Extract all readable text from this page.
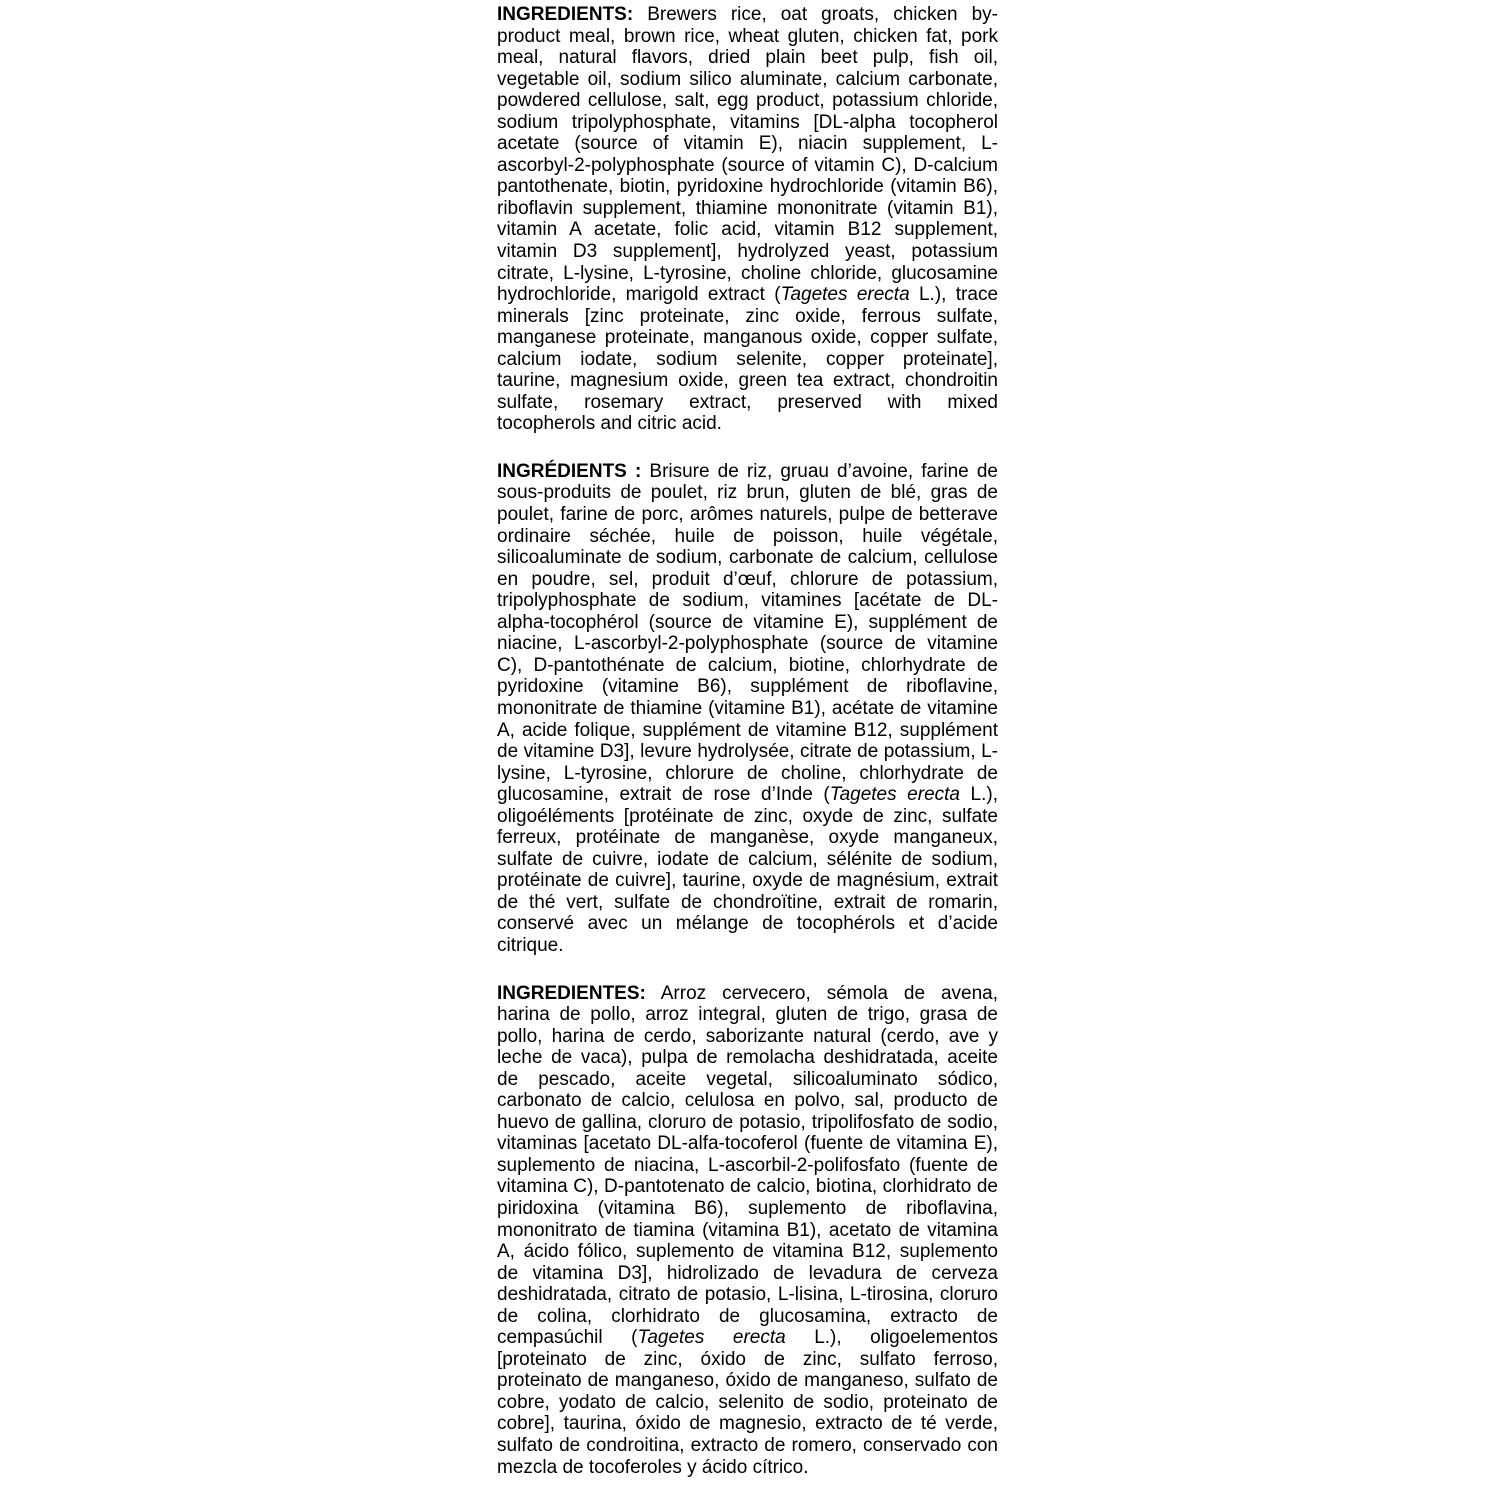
INGREDIENTS: Brewers rice, oat groats, chicken by-product meal, brown rice, wheat gluten, chicken fat, pork meal, natural flavors, dried plain beet pulp, fish oil, vegetable oil, sodium silico aluminate, calcium carbonate, powdered cellulose, salt, egg product, potassium chloride, sodium tripolyphosphate, vitamins [DL-alpha tocopherol acetate (source of vitamin E), niacin supplement, L-ascorbyl-2-polyphosphate (source of vitamin C), D-calcium pantothenate, biotin, pyridoxine hydrochloride (vitamin B6), riboflavin supplement, thiamine mononitrate (vitamin B1), vitamin A acetate, folic acid, vitamin B12 supplement, vitamin D3 supplement], hydrolyzed yeast, potassium citrate, L-lysine, L-tyrosine, choline chloride, glucosamine hydrochloride, marigold extract (Tagetes erecta L.), trace minerals [zinc proteinate, zinc oxide, ferrous sulfate, manganese proteinate, manganous oxide, copper sulfate, calcium iodate, sodium selenite, copper proteinate], taurine, magnesium oxide, green tea extract, chondroitin sulfate, rosemary extract, preserved with mixed tocopherols and citric acid.

INGRÉDIENTS : Brisure de riz, gruau d’avoine, farine de sous-produits de poulet, riz brun, gluten de blé, gras de poulet, farine de porc, arômes naturels, pulpe de betterave ordinaire séchée, huile de poisson, huile végétale, silicoaluminate de sodium, carbonate de calcium, cellulose en poudre, sel, produit d’œuf, chlorure de potassium, tripolyphosphate de sodium, vitamines [acétate de DL-alpha-tocophérol (source de vitamine E), supplément de niacine, L-ascorbyl-2-polyphosphate (source de vitamine C), D-pantothénate de calcium, biotine, chlorhydrate de pyridoxine (vitamine B6), supplément de riboflavine, mononitrate de thiamine (vitamine B1), acétate de vitamine A, acide folique, supplément de vitamine B12, supplément de vitamine D3], levure hydrolysée, citrate de potassium, L-lysine, L-tyrosine, chlorure de choline, chlorhydrate de glucosamine, extrait de rose d’Inde (Tagetes erecta L.), oligoéléments [protéinate de zinc, oxyde de zinc, sulfate ferreux, protéinate de manganèse, oxyde manganeux, sulfate de cuivre, iodate de calcium, sélénite de sodium, protéinate de cuivre], taurine, oxyde de magnésium, extrait de thé vert, sulfate de chondroïtine, extrait de romarin, conservé avec un mélange de tocophérols et d’acide citrique.

INGREDIENTES: Arroz cervecero, sémola de avena, harina de pollo, arroz integral, gluten de trigo, grasa de pollo, harina de cerdo, saborizante natural (cerdo, ave y leche de vaca), pulpa de remolacha deshidratada, aceite de pescado, aceite vegetal, silicoaluminato sódico, carbonato de calcio, celulosa en polvo, sal, producto de huevo de gallina, cloruro de potasio, tripolifosfato de sodio, vitaminas [acetato DL-alfa-tocoferol (fuente de vitamina E), suplemento de niacina, L-ascorbil-2-polifosfato (fuente de vitamina C), D-pantotenato de calcio, biotina, clorhidrato de piridoxina (vitamina B6), suplemento de riboflavina, mononitrato de tiamina (vitamina B1), acetato de vitamina A, ácido fólico, suplemento de vitamina B12, suplemento de vitamina D3], hidrolizado de levadura de cerveza deshidratada, citrato de potasio, L-lisina, L-tirosina, cloruro de colina, clorhidrato de glucosamina, extracto de cempasúchil (Tagetes erecta L.), oligoelementos [proteinato de zinc, óxido de zinc, sulfato ferroso, proteinato de manganeso, óxido de manganeso, sulfato de cobre, yodato de calcio, selenito de sodio, proteinato de cobre], taurina, óxido de magnesio, extracto de té verde, sulfato de condroitina, extracto de romero, conservado con mezcla de tocoferoles y ácido cítrico.
